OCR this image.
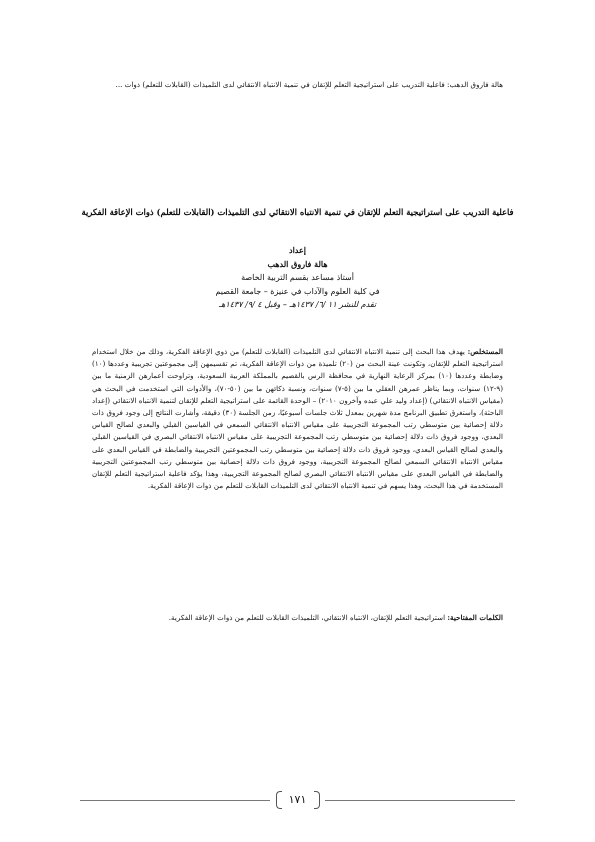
هالة فاروق الدهب: فاعلية التدريب على استراتيجية التعلم للإتقان في تنمية الانتباه الانتقائي لدى التلميذات (القابلات للتعلم) ذوات ...
فاعلية التدريب على استراتيجية التعلم للإتقان في تنمية الانتباه الانتقائي لدى التلميذات (القابلات للتعلم) ذوات الإعاقة الفكرية
إعداد
هالة فاروق الدهب
أستاذ مساعد بقسم التربية الخاصة
في كلية العلوم والآداب في عنيزة – جامعة القصيم
تقدم للنشر ١١ /٦/ ١٤٣٧هـ – وقبل ٤ /٩/ ١٤٣٧هـ
المستخلص: يهدف هذا البحث إلى تنمية الانتباه الانتقائي لدى التلميذات (القابلات للتعلم) من ذوي الإعاقة الفكرية، وذلك من خلال استخدام استراتيجية التعلم للإتقان، وتكونت عينة البحث من (٢٠) تلميذة من ذوات الإعاقة الفكرية، تم تقسيمهن إلى مجموعتين تجريبية وعددها (١٠) وضابطة وعددها (١٠) بمركز الرعاية النهارية في محافظة الرس بالقصيم بالمملكة العربية السعودية، وتراوحت أعمارهن الزمنية ما بين (٩-١٢) سنوات، وبما يناظر عمرهن العقلي ما بين (٥-٧) سنوات، ونسبة ذكائهن ما بين (٥٠-٧٠)، والأدوات التي استخدمت في البحث هي (مقياس الانتباه الانتقائي) (إعداد وليد علي عبده وآخرون ٢٠١٠) – الوحدة القائمة على استراتيجية التعلم للإتقان لتنمية الانتباه الانتقائي (إعداد الباحثة)، واستغرق تطبيق البرنامج مدة شهرين بمعدل ثلاث جلسات أسبوعيًا، زمن الجلسة (٣٠) دقيقة، وأشارت النتائج إلى وجود فروق ذات دلالة إحصائية بين متوسطي رتب المجموعة التجريبية على مقياس الانتباه الانتقائي السمعي في القياسين القبلي والبعدي لصالح القياس البعدي، ووجود فروق ذات دلالة إحصائية بين متوسطي رتب المجموعة التجريبية على مقياس الانتباه الانتقائي البصري في القياسين القبلي والبعدي لصالح القياس البعدي، ووجود فروق ذات دلالة إحصائية بين متوسطي رتب المجموعتين التجريبية والضابطة في القياس البعدي على مقياس الانتباه الانتقائي السمعي لصالح المجموعة التجريبية، ووجود فروق ذات دلالة إحصائية بين متوسطي رتب المجموعتين التجريبية والضابطة في القياس البعدي على مقياس الانتباه الانتقائي البصري لصالح المجموعة التجريبية، وهذا يؤكد فاعلية استراتيجية التعلم للإتقان المستخدمة في هذا البحث، وهذا يسهم في تنمية الانتباه الانتقائي لدى التلميذات القابلات للتعلم من ذوات الإعاقة الفكرية.
الكلمات المفتاحية: استراتيجية التعلم للإتقان، الانتباه الانتقائي، التلميذات القابلات للتعلم من ذوات الإعاقة الفكرية.
١٧١
